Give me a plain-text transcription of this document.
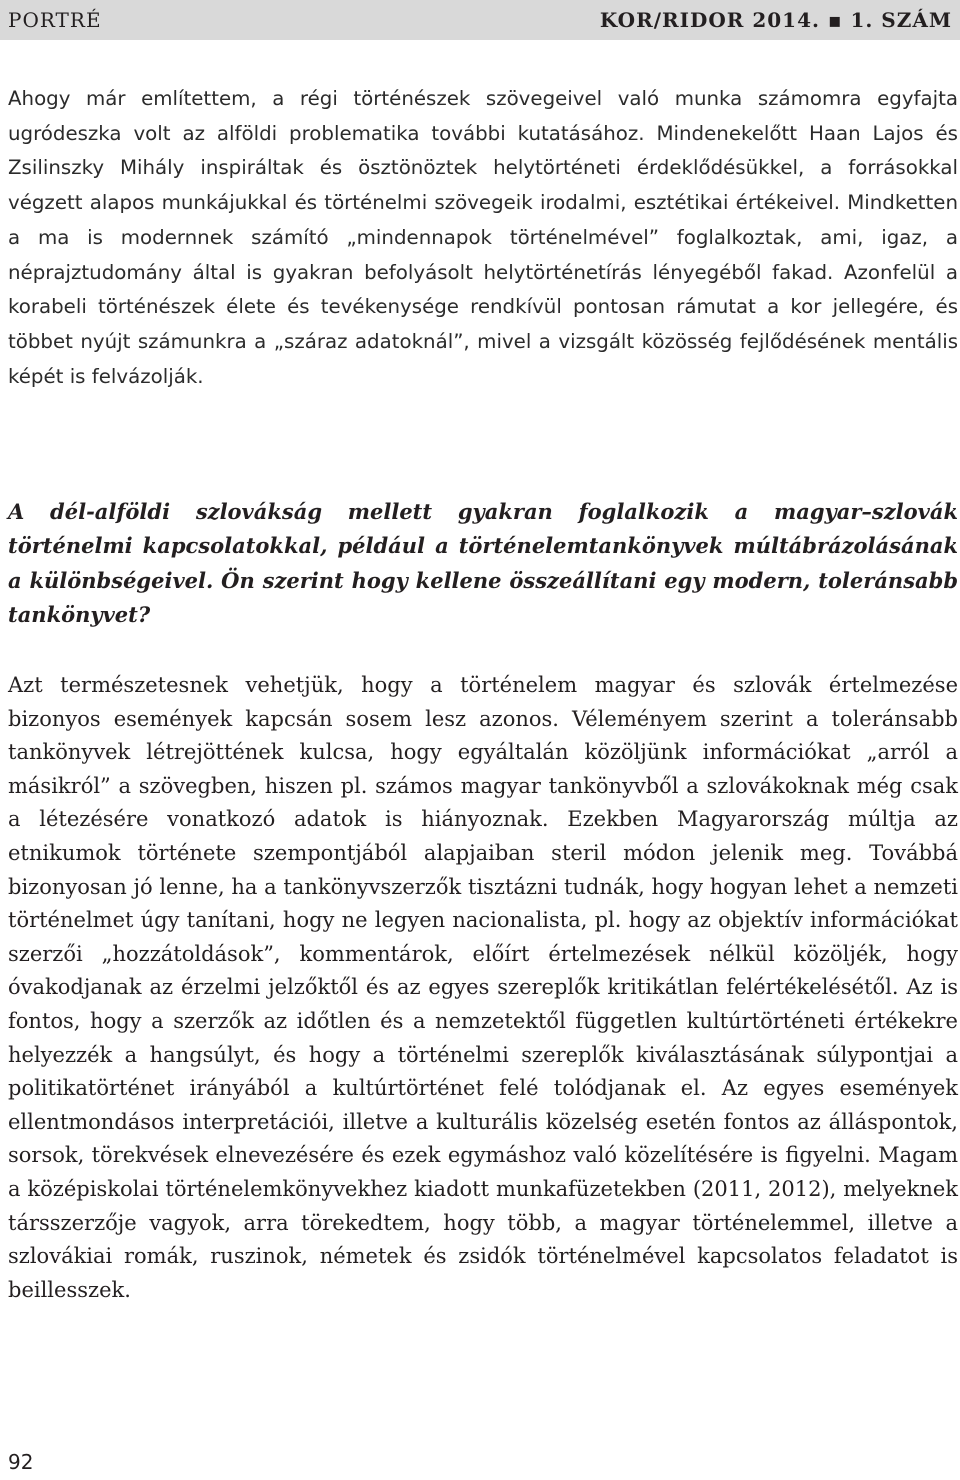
PORTRÉ	KOR/RIDOR 2014. ▪ 1. SZÁM

Ahogy már említettem, a régi történészek szövegeivel való munka számomra egyfajta ugródeszka volt az alföldi problematika további kutatásához. Mindenekelőtt Haan Lajos és Zsilinszky Mihály inspiráltak és ösztönöztek helytörténeti érdeklődésükkel, a forrásokkal végzett alapos munkájukkal és történelmi szövegeik irodalmi, esztétikai értékeivel. Mindketten a ma is modernnek számító „mindennapok történelmével” foglalkoztak, ami, igaz, a néprajztudomány által is gyakran befolyásolt helytörténetírás lényegéből fakad. Azonfelül a korabeli történészek élete és tevékenysége rendkívül pontosan rámutat a kor jellegére, és többet nyújt számunkra a „száraz adatoknál”, mivel a vizsgált közösség fejlődésének mentális képét is felvázolják.

A dél-alföldi szlovákság mellett gyakran foglalkozik a magyar–szlovák történelmi kapcsolatokkal, például a történelemtankönyvek múltábrázolásának a különbségeivel. Ön szerint hogy kellene összeállítani egy modern, toleránsabb tankönyvet?

Azt természetesnek vehetjük, hogy a történelem magyar és szlovák értelmezése bizonyos események kapcsán sosem lesz azonos. Véleményem szerint a toleránsabb tankönyvek létrejöttének kulcsa, hogy egyáltalán közöljünk információkat „arról a másikról” a szövegben, hiszen pl. számos magyar tankönyvből a szlovákoknak még csak a létezésére vonatkozó adatok is hiányoznak. Ezekben Magyarország múltja az etnikumok története szempontjából alapjaiban steril módon jelenik meg. Továbbá bizonyosan jó lenne, ha a tankönyvszerzők tisztázni tudnák, hogy hogyan lehet a nemzeti történelmet úgy tanítani, hogy ne legyen nacionalista, pl. hogy az objektív információkat szerzői „hozzátoldások”, kommentárok, előírt értelmezések nélkül közöljék, hogy óvakodjanak az érzelmi jelzőktől és az egyes szereplők kritikátlan felértékelésétől. Az is fontos, hogy a szerzők az időtlen és a nemzetektől független kultúrtörténeti értékekre helyezzék a hangsúlyt, és hogy a történelmi szereplők kiválasztásának súlypontjai a politikatörténet irányából a kultúrtörténet felé tolódjanak el. Az egyes események ellentmondásos interpretációi, illetve a kulturális közelség esetén fontos az álláspontok, sorsok, törekvések elnevezésére és ezek egymáshoz való közelítésére is figyelni. Magam a középiskolai történelemkönyvekhez kiadott munkafüzetekben (2011, 2012), melyeknek társszerzője vagyok, arra törekedtem, hogy több, a magyar történelemmel, illetve a szlovákiai romák, ruszinok, németek és zsidók történelmével kapcsolatos feladatot is beillesszek.

92
